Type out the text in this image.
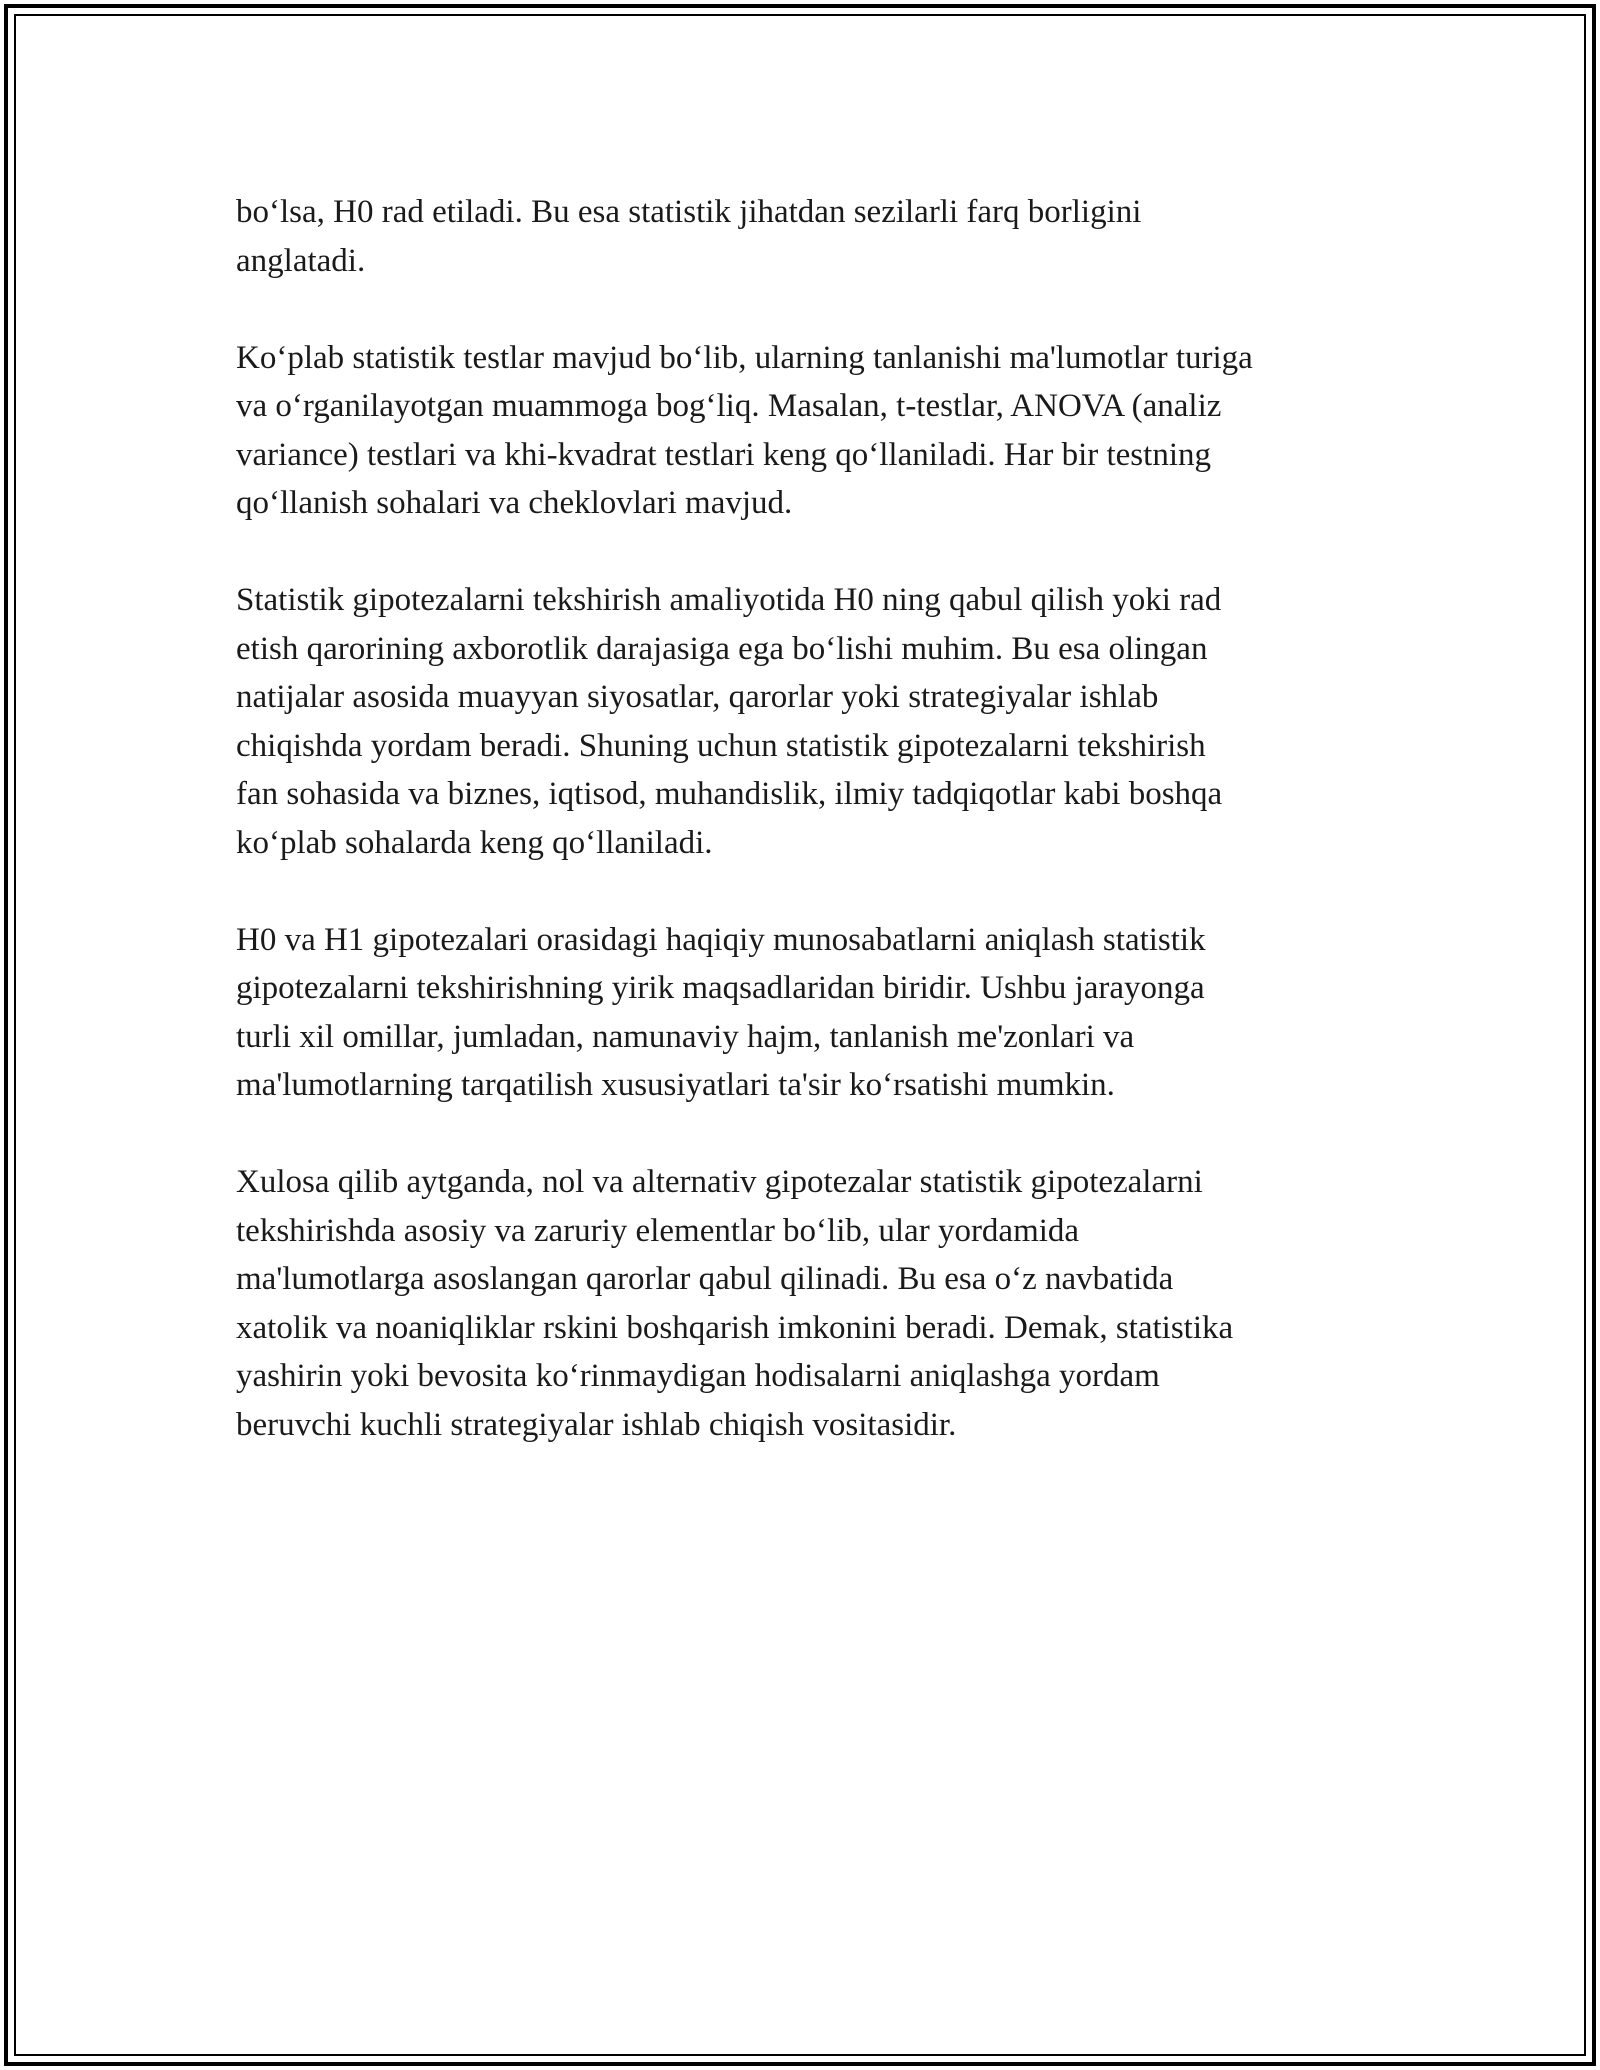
bo‘lsa, H0 rad etiladi. Bu esa statistik jihatdan sezilarli farq borligini
anglatadi.

Ko‘plab statistik testlar mavjud bo‘lib, ularning tanlanishi ma'lumotlar turiga
va o‘rganilayotgan muammoga bog‘liq. Masalan, t-testlar, ANOVA (analiz
variance) testlari va khi-kvadrat testlari keng qo‘llaniladi. Har bir testning
qo‘llanish sohalari va cheklovlari mavjud.

Statistik gipotezalarni tekshirish amaliyotida H0 ning qabul qilish yoki rad
etish qarorining axborotlik darajasiga ega bo‘lishi muhim. Bu esa olingan
natijalar asosida muayyan siyosatlar, qarorlar yoki strategiyalar ishlab
chiqishda yordam beradi. Shuning uchun statistik gipotezalarni tekshirish
fan sohasida va biznes, iqtisod, muhandislik, ilmiy tadqiqotlar kabi boshqa
ko‘plab sohalarda keng qo‘llaniladi.

H0 va H1 gipotezalari orasidagi haqiqiy munosabatlarni aniqlash statistik
gipotezalarni tekshirishning yirik maqsadlaridan biridir. Ushbu jarayonga
turli xil omillar, jumladan, namunaviy hajm, tanlanish me'zonlari va
ma'lumotlarning tarqatilish xususiyatlari ta'sir ko‘rsatishi mumkin.

Xulosa qilib aytganda, nol va alternativ gipotezalar statistik gipotezalarni
tekshirishda asosiy va zaruriy elementlar bo‘lib, ular yordamida
ma'lumotlarga asoslangan qarorlar qabul qilinadi. Bu esa o‘z navbatida
xatolik va noaniqliklar rskini boshqarish imkonini beradi. Demak, statistika
yashirin yoki bevosita ko‘rinmaydigan hodisalarni aniqlashga yordam
beruvchi kuchli strategiyalar ishlab chiqish vositasidir.
